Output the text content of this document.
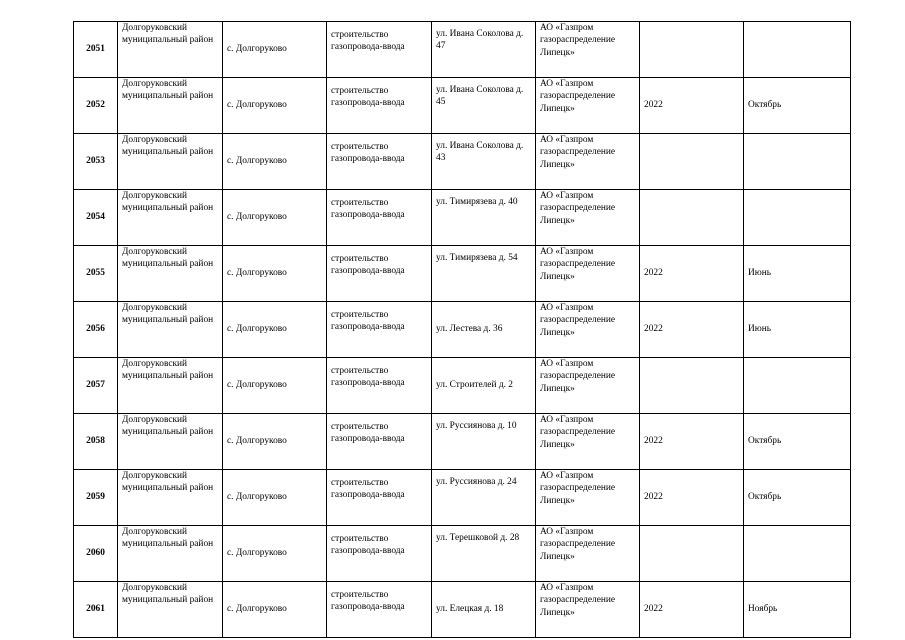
2051	Долгоруковский муниципальный район	с. Долгоруково	строительство газопровода-ввода	ул. Ивана Соколова д. 47	АО «Газпром газораспределение Липецк»		
2052	Долгоруковский муниципальный район	с. Долгоруково	строительство газопровода-ввода	ул. Ивана Соколова д. 45	АО «Газпром газораспределение Липецк»	2022	Октябрь
2053	Долгоруковский муниципальный район	с. Долгоруково	строительство газопровода-ввода	ул. Ивана Соколова д. 43	АО «Газпром газораспределение Липецк»		
2054	Долгоруковский муниципальный район	с. Долгоруково	строительство газопровода-ввода	ул. Тимирязева д. 40	АО «Газпром газораспределение Липецк»		
2055	Долгоруковский муниципальный район	с. Долгоруково	строительство газопровода-ввода	ул. Тимирязева д. 54	АО «Газпром газораспределение Липецк»	2022	Июнь
2056	Долгоруковский муниципальный район	с. Долгоруково	строительство газопровода-ввода	ул. Лестева д. 36	АО «Газпром газораспределение Липецк»	2022	Июнь
2057	Долгоруковский муниципальный район	с. Долгоруково	строительство газопровода-ввода	ул. Строителей д. 2	АО «Газпром газораспределение Липецк»		
2058	Долгоруковский муниципальный район	с. Долгоруково	строительство газопровода-ввода	ул. Руссиянова д. 10	АО «Газпром газораспределение Липецк»	2022	Октябрь
2059	Долгоруковский муниципальный район	с. Долгоруково	строительство газопровода-ввода	ул. Руссиянова д. 24	АО «Газпром газораспределение Липецк»	2022	Октябрь
2060	Долгоруковский муниципальный район	с. Долгоруково	строительство газопровода-ввода	ул. Терешковой д. 28	АО «Газпром газораспределение Липецк»		
2061	Долгоруковский муниципальный район	с. Долгоруково	строительство газопровода-ввода	ул. Елецкая д. 18	АО «Газпром газораспределение Липецк»	2022	Ноябрь
